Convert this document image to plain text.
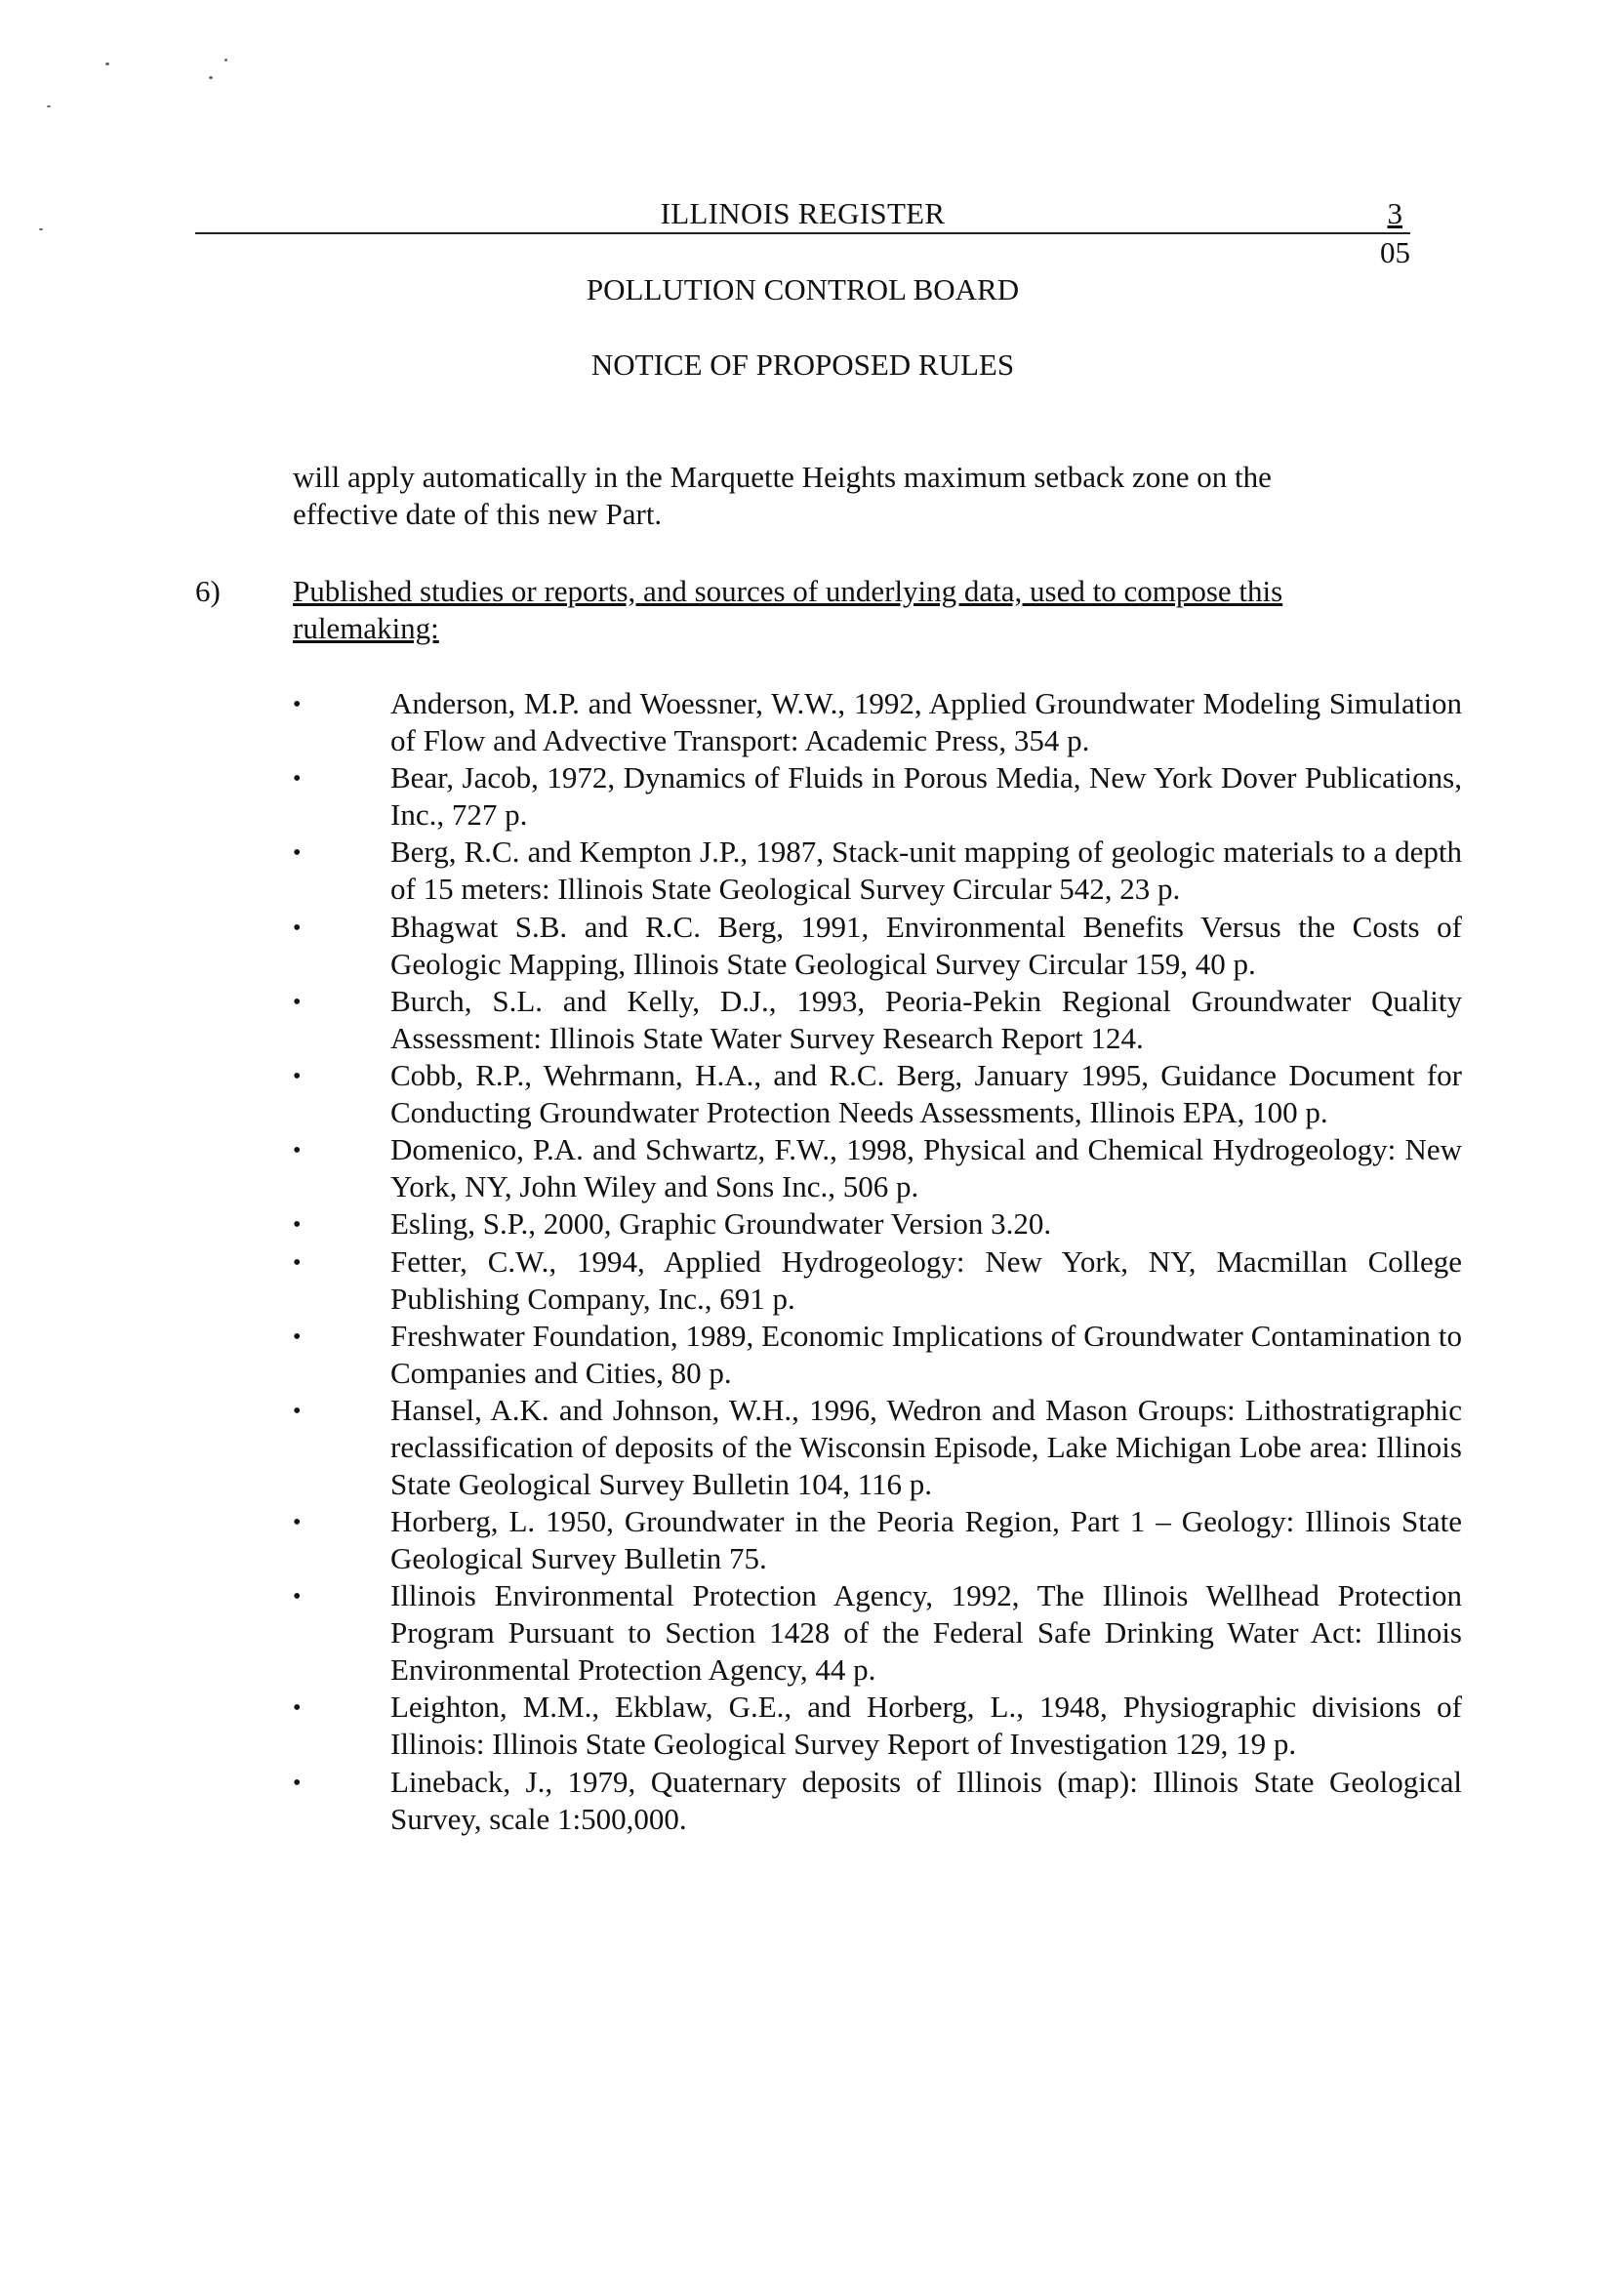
ILLINOIS REGISTER	3
05
POLLUTION CONTROL BOARD
NOTICE OF PROPOSED RULES
will apply automatically in the Marquette Heights maximum setback zone on the effective date of this new Part.
6) Published studies or reports, and sources of underlying data, used to compose this rulemaking:
•	Anderson, M.P. and Woessner, W.W., 1992, Applied Groundwater Modeling Simulation of Flow and Advective Transport: Academic Press, 354 p.
•	Bear, Jacob, 1972, Dynamics of Fluids in Porous Media, New York Dover Publications, Inc., 727 p.
•	Berg, R.C. and Kempton J.P., 1987, Stack-unit mapping of geologic materials to a depth of 15 meters: Illinois State Geological Survey Circular 542, 23 p.
•	Bhagwat S.B. and R.C. Berg, 1991, Environmental Benefits Versus the Costs of Geologic Mapping, Illinois State Geological Survey Circular 159, 40 p.
•	Burch, S.L. and Kelly, D.J., 1993, Peoria-Pekin Regional Groundwater Quality Assessment: Illinois State Water Survey Research Report 124.
•	Cobb, R.P., Wehrmann, H.A., and R.C. Berg, January 1995, Guidance Document for Conducting Groundwater Protection Needs Assessments, Illinois EPA, 100 p.
•	Domenico, P.A. and Schwartz, F.W., 1998, Physical and Chemical Hydrogeology: New York, NY, John Wiley and Sons Inc., 506 p.
•	Esling, S.P., 2000, Graphic Groundwater Version 3.20.
•	Fetter, C.W., 1994, Applied Hydrogeology: New York, NY, Macmillan College Publishing Company, Inc., 691 p.
•	Freshwater Foundation, 1989, Economic Implications of Groundwater Contamination to Companies and Cities, 80 p.
•	Hansel, A.K. and Johnson, W.H., 1996, Wedron and Mason Groups: Lithostratigraphic reclassification of deposits of the Wisconsin Episode, Lake Michigan Lobe area: Illinois State Geological Survey Bulletin 104, 116 p.
•	Horberg, L. 1950, Groundwater in the Peoria Region, Part 1 – Geology: Illinois State Geological Survey Bulletin 75.
•	Illinois Environmental Protection Agency, 1992, The Illinois Wellhead Protection Program Pursuant to Section 1428 of the Federal Safe Drinking Water Act: Illinois Environmental Protection Agency, 44 p.
•	Leighton, M.M., Ekblaw, G.E., and Horberg, L., 1948, Physiographic divisions of Illinois: Illinois State Geological Survey Report of Investigation 129, 19 p.
•	Lineback, J., 1979, Quaternary deposits of Illinois (map): Illinois State Geological Survey, scale 1:500,000.
